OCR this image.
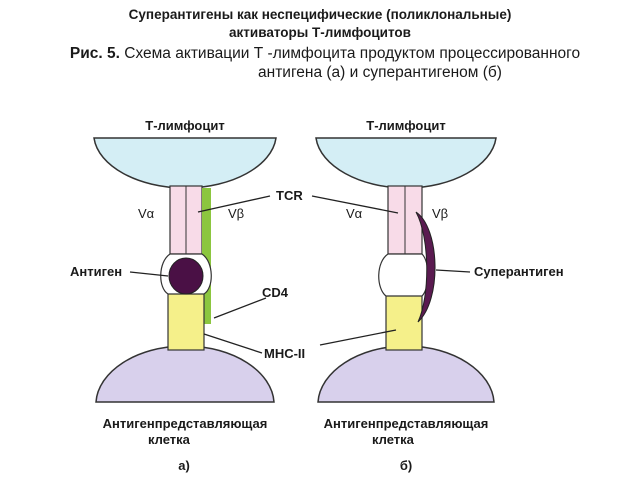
Суперантигены как неспецифические (поликлональные)
активаторы Т-лимфоцитов
Рис. 5. Схема активации Т -лимфоцита продуктом процессированного
антигена (а) и суперантигеном (б)
Т-лимфоцит
Vα	Vβ
TCR
Антиген
CD4
MHC-II
Антигенпредставляющая
клетка
а)
Т-лимфоцит
Vα	Vβ
Суперантиген
Антигенпредставляющая
клетка
б)
